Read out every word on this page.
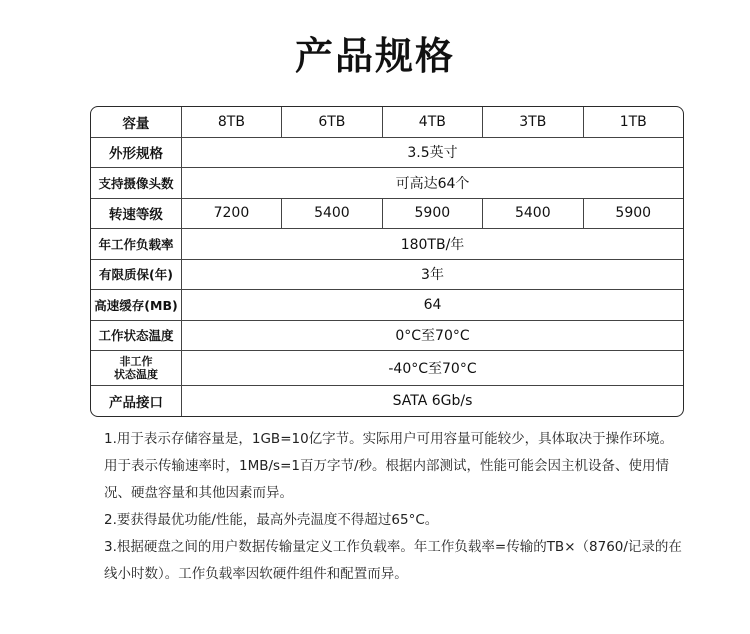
产品规格
容量	8TB	6TB	4TB	3TB	1TB
外形规格	3.5英寸
支持摄像头数	可高达64个
转速等级	7200	5400	5900	5400	5900
年工作负载率	180TB/年
有限质保(年)	3年
高速缓存(MB)	64
工作状态温度	0°C至70°C
非工作
状态温度	-40°C至70°C
产品接口	SATA 6Gb/s

1.用于表示存储容量是，1GB=10亿字节。实际用户可用容量可能较少，具体取决于操作环境。用于表示传输速率时，1MB/s=1百万字节/秒。根据内部测试，性能可能会因主机设备、使用情况、硬盘容量和其他因素而异。

2.要获得最优功能/性能，最高外壳温度不得超过65°C。

3.根据硬盘之间的用户数据传输量定义工作负载率。年工作负载率=传输的TB×（8760/记录的在线小时数）。工作负载率因软硬件组件和配置而异。
